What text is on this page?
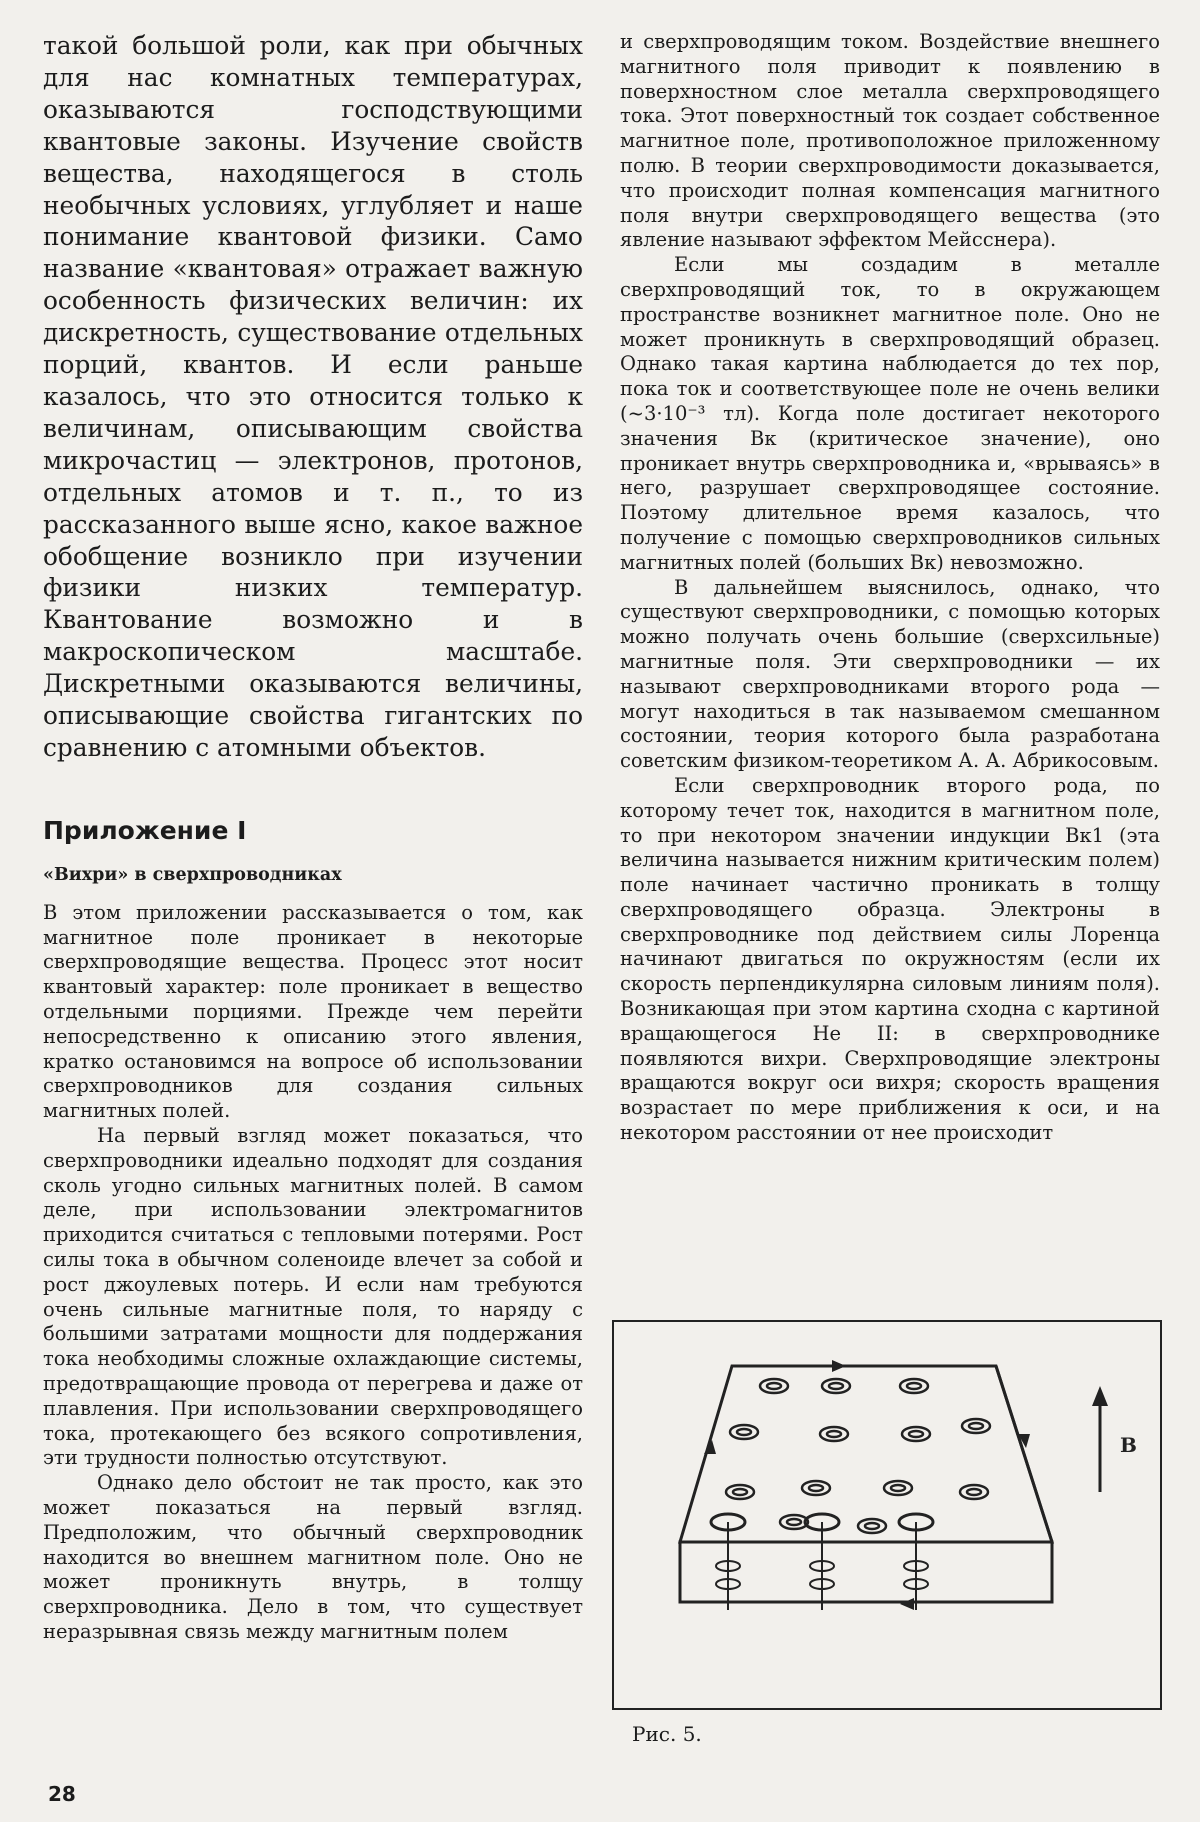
такой большой роли, как при обычных для нас комнатных температурах, оказываются господствующими квантовые законы. Изучение свойств вещества, находящегося в столь необычных условиях, углубляет и наше понимание квантовой физики. Само название «квантовая» отражает важную особенность физических величин: их дискретность, существование отдельных порций, квантов. И если раньше казалось, что это относится только к величинам, описывающим свойства микрочастиц — электронов, протонов, отдельных атомов и т. п., то из рассказанного выше ясно, какое важное обобщение возникло при изучении физики низких температур. Квантование возможно и в макроскопическом масштабе. Дискретными оказываются величины, описывающие свойства гигантских по сравнению с атомными объектов.

Приложение I
«Вихри» в сверхпроводниках

В этом приложении рассказывается о том, как магнитное поле проникает в некоторые сверхпроводящие вещества. Процесс этот носит квантовый характер: поле проникает в вещество отдельными порциями. Прежде чем перейти непосредственно к описанию этого явления, кратко остановимся на вопросе об использовании сверхпроводников для создания сильных магнитных полей.

На первый взгляд может показаться, что сверхпроводники идеально подходят для создания сколь угодно сильных магнитных полей. В самом деле, при использовании электромагнитов приходится считаться с тепловыми потерями. Рост силы тока в обычном соленоиде влечет за собой и рост джоулевых потерь. И если нам требуются очень сильные магнитные поля, то наряду с большими затратами мощности для поддержания тока необходимы сложные охлаждающие системы, предотвращающие провода от перегрева и даже от плавления. При использовании сверхпроводящего тока, протекающего без всякого сопротивления, эти трудности полностью отсутствуют.

Однако дело обстоит не так просто, как это может показаться на первый взгляд. Предположим, что обычный сверхпроводник находится во внешнем магнитном поле. Оно не может проникнуть внутрь, в толщу сверхпроводника. Дело в том, что существует неразрывная связь между магнитным полем

и сверхпроводящим током. Воздействие внешнего магнитного поля приводит к появлению в поверхностном слое металла сверхпроводящего тока. Этот поверхностный ток создает собственное магнитное поле, противоположное приложенному полю. В теории сверхпроводимости доказывается, что происходит полная компенсация магнитного поля внутри сверхпроводящего вещества (это явление называют эффектом Мейсснера).

Если мы создадим в металле сверхпроводящий ток, то в окружающем пространстве возникнет магнитное поле. Оно не может проникнуть в сверхпроводящий образец. Однако такая картина наблюдается до тех пор, пока ток и соответствующее поле не очень велики (~3·10⁻³ тл). Когда поле достигает некоторого значения Bк (критическое значение), оно проникает внутрь сверхпроводника и, «врываясь» в него, разрушает сверхпроводящее состояние. Поэтому длительное время казалось, что получение с помощью сверхпроводников сильных магнитных полей (больших Bк) невозможно.

В дальнейшем выяснилось, однако, что существуют сверхпроводники, с помощью которых можно получать очень большие (сверхсильные) магнитные поля. Эти сверхпроводники — их называют сверхпроводниками второго рода — могут находиться в так называемом смешанном состоянии, теория которого была разработана советским физиком-теоретиком А. А. Абрикосовым.

Если сверхпроводник второго рода, по которому течет ток, находится в магнитном поле, то при некотором значении индукции Bк1 (эта величина называется нижним критическим полем) поле начинает частично проникать в толщу сверхпроводящего образца. Электроны в сверхпроводнике под действием силы Лоренца начинают двигаться по окружностям (если их скорость перпендикулярна силовым линиям поля). Возникающая при этом картина сходна с картиной вращающегося He II: в сверхпроводнике появляются вихри. Сверхпроводящие электроны вращаются вокруг оси вихря; скорость вращения возрастает по мере приближения к оси, и на некотором расстоянии от нее происходит

B
Рис. 5.
28
